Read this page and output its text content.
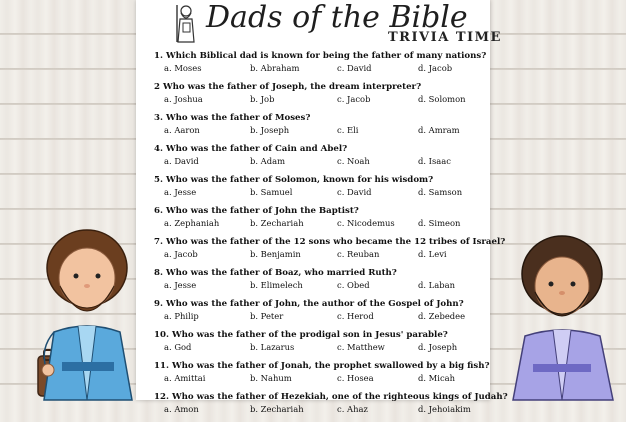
Dads of the Bible
TRIVIA TIME
1. Which Biblical dad is known for being the father of many nations?
a. Moses	b. Abraham	c. David	d. Jacob
2 Who was the father of Joseph, the dream interpreter?
a. Joshua	b. Job	c. Jacob	d. Solomon
3. Who was the father of Moses?
a. Aaron	b. Joseph	c. Eli	d. Amram
4. Who was the father of Cain and Abel?
a. David	b. Adam	c. Noah	d. Isaac
5. Who was the father of Solomon, known for his wisdom?
a. Jesse	b. Samuel	c. David	d. Samson
6. Who was the father of John the Baptist?
a. Zephaniah	b. Zechariah	c. Nicodemus	d. Simeon
7. Who was the father of the 12 sons who became the 12 tribes of Israel?
a. Jacob	b. Benjamin	c. Reuban	d. Levi
8. Who was the father of Boaz, who married Ruth?
a. Jesse	b. Elimelech	c. Obed	d. Laban
9. Who was the father of John, the author of the Gospel of John?
a. Philip	b. Peter	c. Herod	d. Zebedee
10. Who was the father of the prodigal son in Jesus' parable?
a. God	b. Lazarus	c. Matthew	d. Joseph
11. Who was the father of Jonah, the prophet swallowed by a big fish?
a. Amittai	b. Nahum	c. Hosea	d. Micah
12. Who was the father of Hezekiah, one of the righteous kings of Judah?
a. Amon	b. Zechariah	c. Ahaz	d. Jehoiakim
